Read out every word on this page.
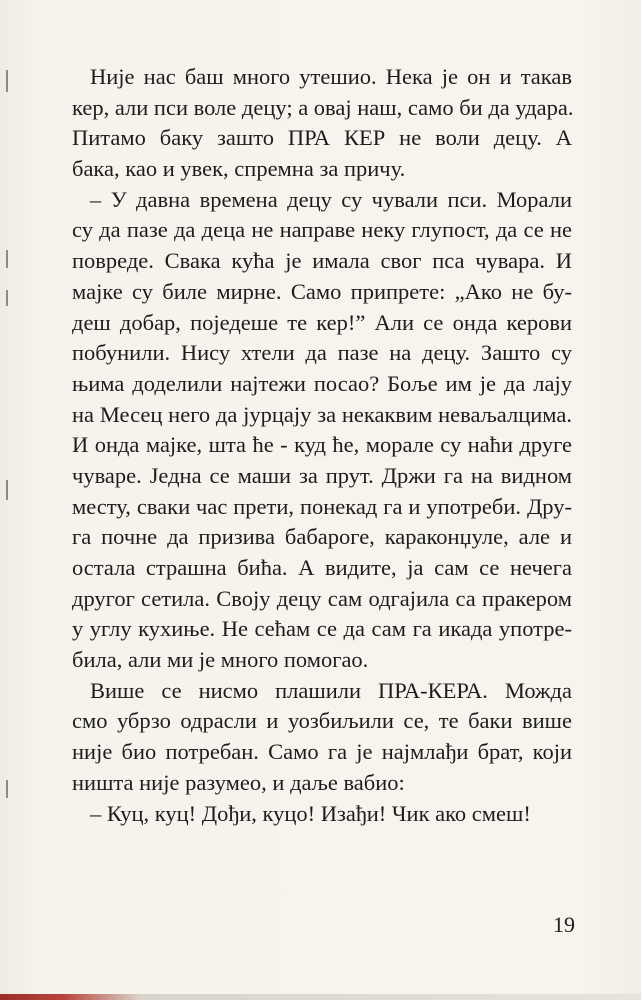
Није нас баш много утешио. Нека је он и такав
кер, али пси воле децу; а овај наш, само би да удара.
Питамо баку зашто ПРА КЕР не воли децу. А
бака, као и увек, спремна за причу.
– У давна времена децу су чували пси. Морали
су да пазе да деца не направе неку глупост, да се не
повреде. Свака кућа је имала свог пса чувара. И
мајке су биле мирне. Само припрете: „Ако не бу-
деш добар, поједеше те кер!” Али се онда керови
побунили. Нису хтели да пазе на децу. Зашто су
њима доделили најтежи посао? Боље им је да лају
на Месец него да јурцају за некаквим неваљалцима.
И онда мајке, шта ће - куд ће, морале су наћи друге
чуваре. Једна се маши за прут. Држи га на видном
месту, сваки час прети, понекад га и употреби. Дру-
га почне да призива бабароге, караконџуле, але и
остала страшна бића. А видите, ја сам се нечега
другог сетила. Своју децу сам одгајила са пракером
у углу кухиње. Не сећам се да сам га икада употре-
била, али ми је много помогао.
Више се нисмо плашили ПРА-КЕРА. Можда
смо убрзо одрасли и уозбиљили се, те баки више
није био потребан. Само га је најмлађи брат, који
ништа није разумео, и даље вабио:
– Куц, куц! Дођи, куцо! Изађи! Чик ако смеш!
19
